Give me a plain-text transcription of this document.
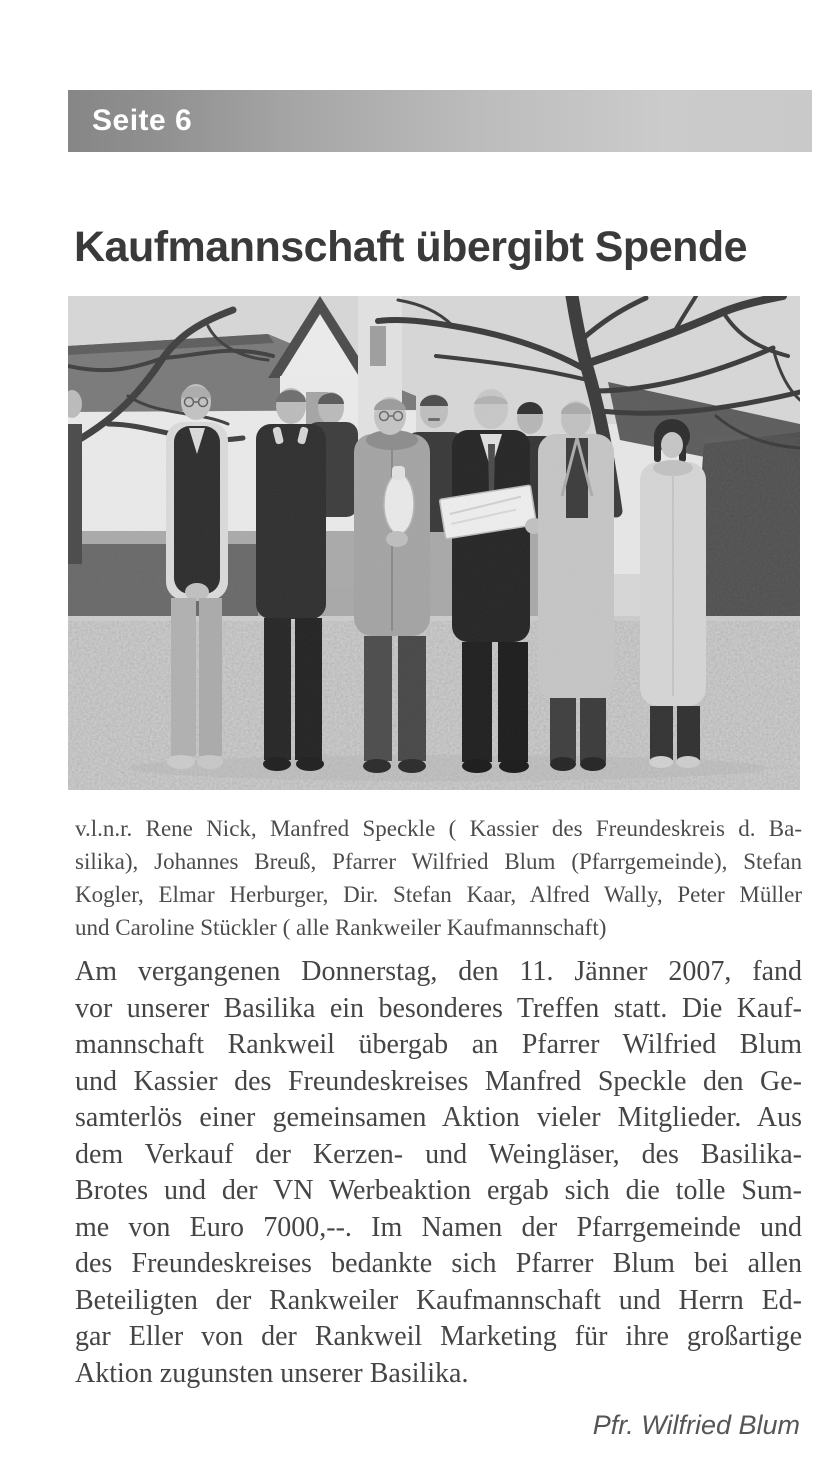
Seite 6
Kaufmannschaft übergibt Spende
v.l.n.r. Rene Nick, Manfred Speckle ( Kassier des Freundeskreis d. Ba-
silika), Johannes Breuß, Pfarrer Wilfried Blum (Pfarrgemeinde), Stefan
Kogler, Elmar Herburger, Dir. Stefan Kaar, Alfred Wally, Peter Müller
und Caroline Stückler ( alle Rankweiler Kaufmannschaft)
Am vergangenen Donnerstag, den 11. Jänner 2007, fand
vor unserer Basilika ein besonderes Treffen statt. Die Kauf-
mannschaft Rankweil übergab an Pfarrer Wilfried Blum
und Kassier des Freundeskreises Manfred Speckle den Ge-
samterlös einer gemeinsamen Aktion vieler Mitglieder. Aus
dem Verkauf der Kerzen- und Weingläser, des Basilika-
Brotes und der VN Werbeaktion ergab sich die tolle Sum-
me von Euro 7000,--. Im Namen der Pfarrgemeinde und
des Freundeskreises bedankte sich Pfarrer Blum bei allen
Beteiligten der Rankweiler Kaufmannschaft und Herrn Ed-
gar Eller von der Rankweil Marketing für ihre großartige
Aktion zugunsten unserer Basilika.
Pfr. Wilfried Blum
